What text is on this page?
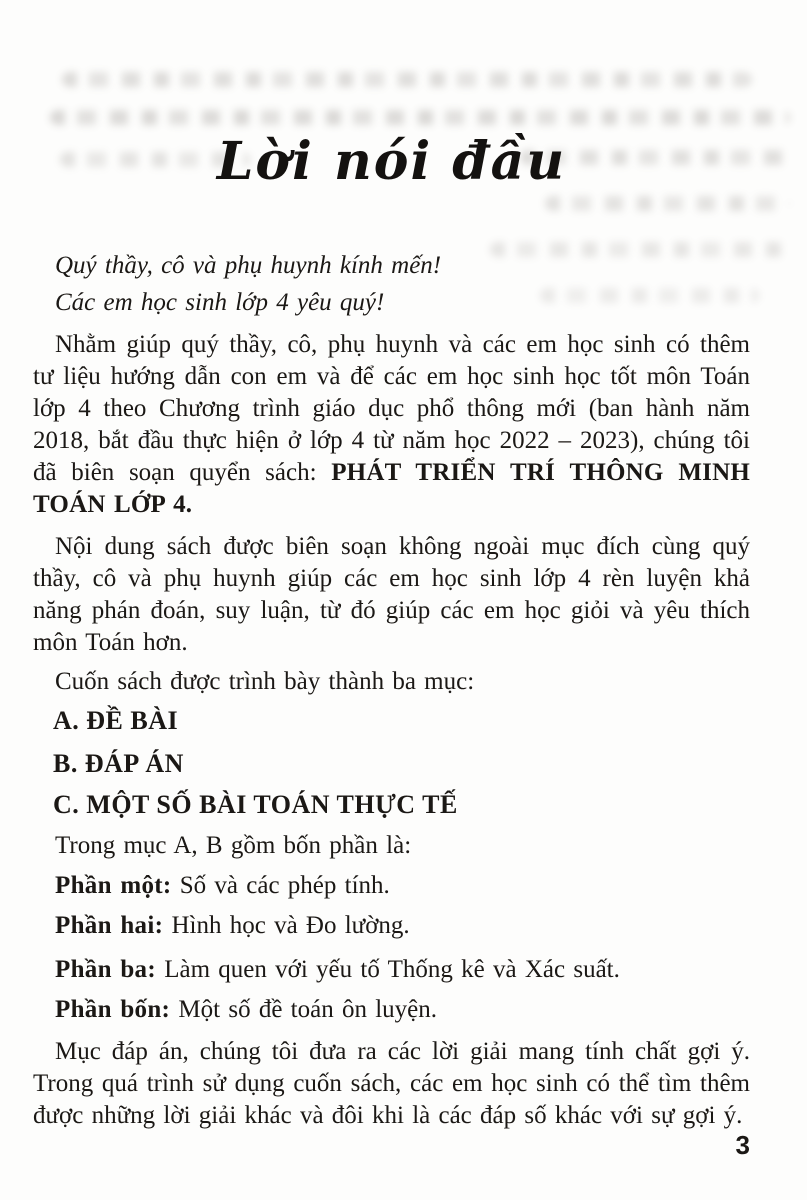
Lời nói đầu
Quý thầy, cô và phụ huynh kính mến!
Các em học sinh lớp 4 yêu quý!
Nhằm giúp quý thầy, cô, phụ huynh và các em học sinh có thêm tư liệu hướng dẫn con em và để các em học sinh học tốt môn Toán lớp 4 theo Chương trình giáo dục phổ thông mới (ban hành năm 2018, bắt đầu thực hiện ở lớp 4 từ năm học 2022 – 2023), chúng tôi đã biên soạn quyển sách: PHÁT TRIỂN TRÍ THÔNG MINH TOÁN LỚP 4.
Nội dung sách được biên soạn không ngoài mục đích cùng quý thầy, cô và phụ huynh giúp các em học sinh lớp 4 rèn luyện khả năng phán đoán, suy luận, từ đó giúp các em học giỏi và yêu thích môn Toán hơn.
Cuốn sách được trình bày thành ba mục:
A. ĐỀ BÀI
B. ĐÁP ÁN
C. MỘT SỐ BÀI TOÁN THỰC TẾ
Trong mục A, B gồm bốn phần là:
Phần một: Số và các phép tính.
Phần hai: Hình học và Đo lường.
Phần ba: Làm quen với yếu tố Thống kê và Xác suất.
Phần bốn: Một số đề toán ôn luyện.
Mục đáp án, chúng tôi đưa ra các lời giải mang tính chất gợi ý. Trong quá trình sử dụng cuốn sách, các em học sinh có thể tìm thêm được những lời giải khác và đôi khi là các đáp số khác với sự gợi ý.
3
